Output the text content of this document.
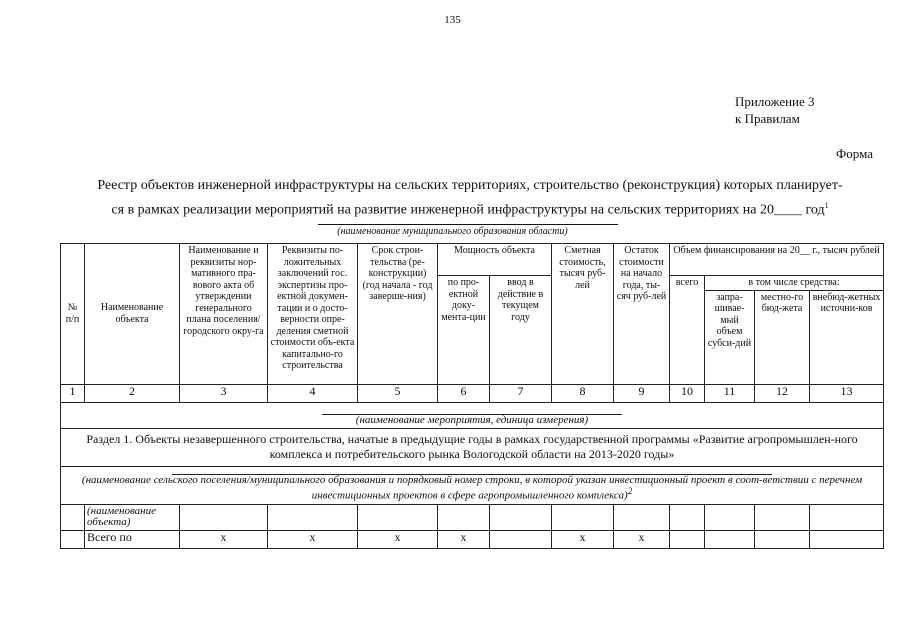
135
Приложение 3
к Правилам
Форма
Реестр объектов инженерной инфраструктуры на сельских территориях, строительство (реконструкция) которых планирует-
ся в рамках реализации мероприятий на развитие инженерной инфраструктуры на сельских территориях на 20____ год$^1$
(наименование муниципального образования области)
№ п/п	Наименование объекта	Наименование и реквизиты нор-мативного пра-вового акта об утверждении генерального плана поселения/ городского окру-га	Реквизиты по-ложительных заключений гос. экспертизы про-ектной докумен-тации и о досто-верности опре-деления сметной стоимости объ-екта капитально-го строительства	Срок строи-тельства (ре-конструкции) (год начала - год заверше-ния)	Мощность объекта		Сметная стоимость, тысяч руб-лей	Остаток стоимости на начало года, ты-сяч руб-лей	Объем финансирования на 20__ г., тысяч рублей			
					по про-ектной доку-мента-ции	ввод в действие в текущем году			всего	в том числе средства:		
										запра-шивае-мый объем субси-дий	местно-го бюд-жета	внебюд-жетных источни-ков
1	2	3	4	5	6	7	8	9	10	11	12	13

(наименование мероприятия, единица измерения)												
Раздел 1. Объекты незавершенного строительства, начатые в предыдущие годы в рамках государственной программы «Развитие агропромышлен-ного комплекса и потребительского рынка Вологодской области на 2013-2020 годы»												

(наименование сельского поселения/муниципального образования и порядковый номер строки, в которой указан инвестиционный проект в соот-ветствии с перечнем инвестиционных проектов в сфере агропромышленного комплекса)$^2$
	(наименование объекта)											
	Всего по	х	х	х	х		х	х				
